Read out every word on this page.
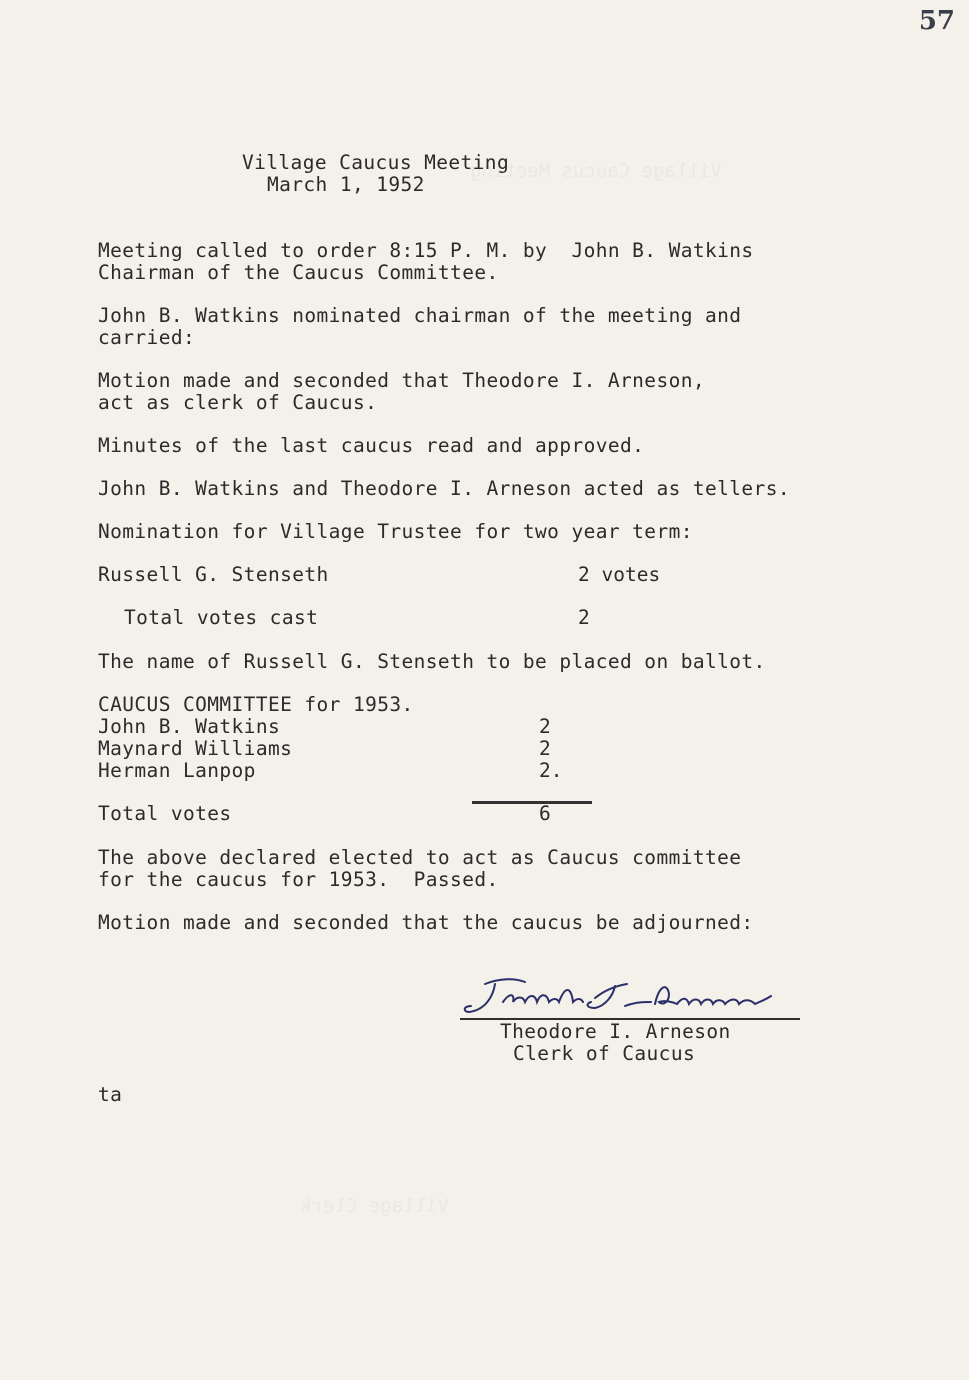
57
Village Caucus Meeting
Village Clerk
Village Caucus Meeting
March 1, 1952
Meeting called to order 8:15 P. M. by  John B. Watkins
Chairman of the Caucus Committee.
John B. Watkins nominated chairman of the meeting and
carried:
Motion made and seconded that Theodore I. Arneson,
act as clerk of Caucus.
Minutes of the last caucus read and approved.
John B. Watkins and Theodore I. Arneson acted as tellers.
Nomination for Village Trustee for two year term:
Russell G. Stenseth	2 votes
Total votes cast	2
The name of Russell G. Stenseth to be placed on ballot.
CAUCUS COMMITTEE for 1953.
John B. Watkins	2
Maynard Williams	2
Herman Lanpop	2.
Total votes	6
The above declared elected to act as Caucus committee
for the caucus for 1953.  Passed.
Motion made and seconded that the caucus be adjourned:
Theodore I. Arneson
Clerk of Caucus
ta
